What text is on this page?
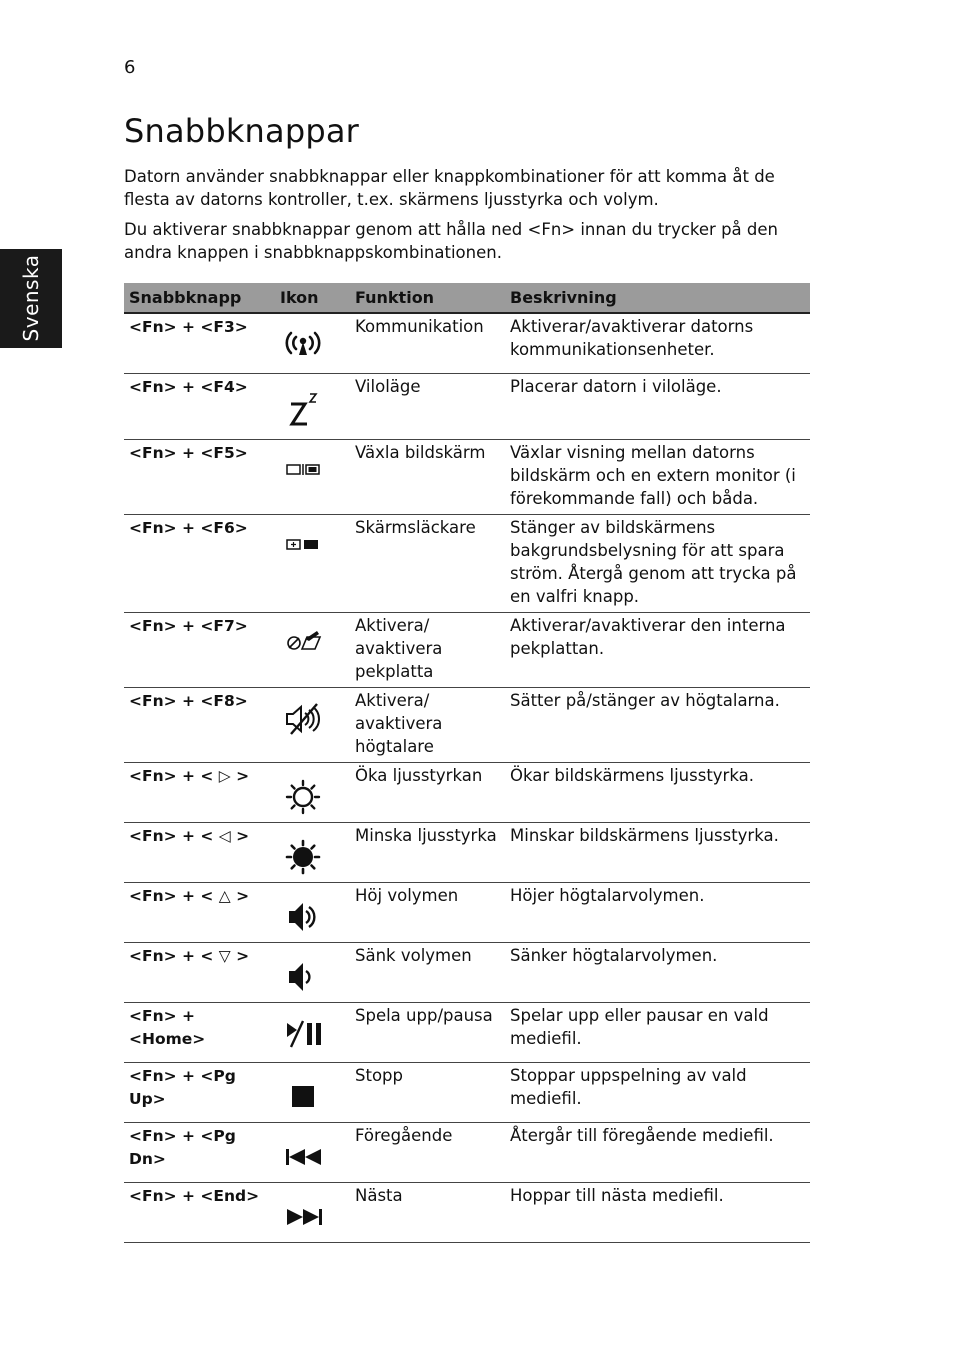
6
Svenska
Snabbknappar

Datorn använder snabbknappar eller knappkombinationer för att komma åt de flesta av datorns kontroller, t.ex. skärmens ljusstyrka och volym.

Du aktiverar snabbknappar genom att hålla ned <Fn> innan du trycker på den andra knappen i snabbknappskombinationen.

Snabbknapp	Ikon	Funktion	Beskrivning
<Fn> + <F3>		Kommunikation	Aktiverar/avaktiverar datorns kommunikationsenheter.
<Fn> + <F4>		Viloläge	Placerar datorn i viloläge.
<Fn> + <F5>		Växla bildskärm	Växlar visning mellan datorns bildskärm och en extern monitor (i förekommande fall) och båda.
<Fn> + <F6>		Skärmsläckare	Stänger av bildskärmens bakgrundsbelysning för att spara ström. Återgå genom att trycka på en valfri knapp.
<Fn> + <F7>		Aktivera/ avaktivera pekplatta	Aktiverar/avaktiverar den interna pekplattan.
<Fn> + <F8>		Aktivera/ avaktivera högtalare	Sätter på/stänger av högtalarna.
<Fn> + < ▷ >		Öka ljusstyrkan	Ökar bildskärmens ljusstyrka.
<Fn> + < ◁ >		Minska ljusstyrka	Minskar bildskärmens ljusstyrka.
<Fn> + < △ >		Höj volymen	Höjer högtalarvolymen.
<Fn> + < ▽ >		Sänk volymen	Sänker högtalarvolymen.
<Fn> + <Home>		Spela upp/pausa	Spelar upp eller pausar en vald mediefil.
<Fn> + <Pg Up>		Stopp	Stoppar uppspelning av vald mediefil.
<Fn> + <Pg Dn>		Föregående	Återgår till föregående mediefil.
<Fn> + <End>		Nästa	Hoppar till nästa mediefil.
